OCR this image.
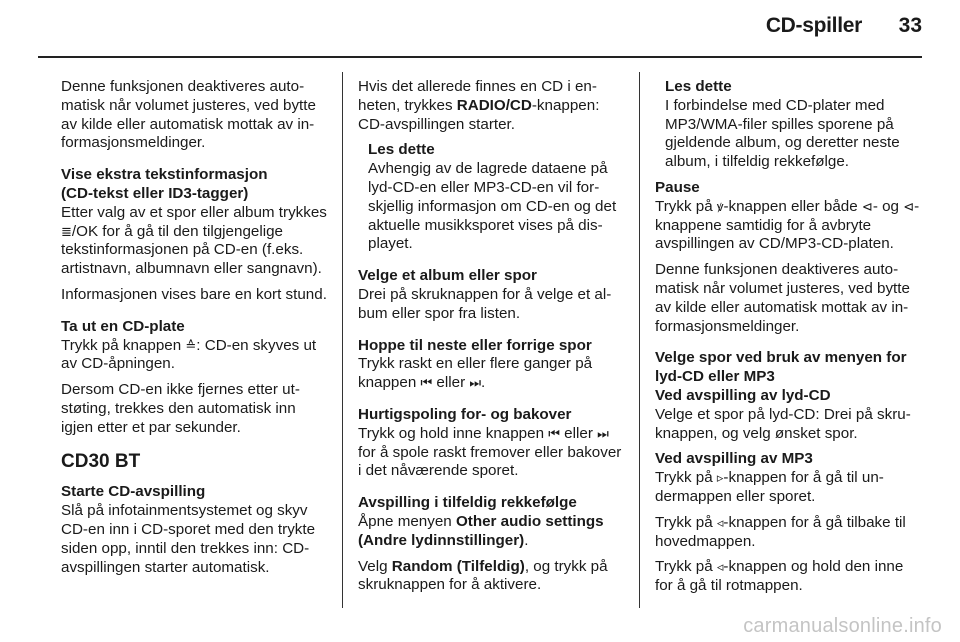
CD-spiller	33

Denne funksjonen deaktiveres automatisk når volumet justeres, ved bytte av kilde eller automatisk mottak av informasjonsmeldinger.

Vise ekstra tekstinformasjon
(CD-tekst eller ID3-tagger)

Etter valg av et spor eller album trykkes ≣/OK for å gå til den tilgjengelige tekstinformasjonen på CD-en (f.eks. artistnavn, albumnavn eller sangnavn).

Informasjonen vises bare en kort stund.

Ta ut en CD-plate

Trykk på knappen ≙: CD-en skyves ut av CD-åpningen.

Dersom CD-en ikke fjernes etter utstøting, trekkes den automatisk inn igjen etter et par sekunder.

CD30 BT

Starte CD-avspilling

Slå på infotainmentsystemet og skyv CD-en inn i CD-sporet med den trykte siden opp, inntil den trekkes inn: CD-avspillingen starter automatisk.

Hvis det allerede finnes en CD i enheten, trykkes RADIO/CD-knappen: CD-avspillingen starter.

Les dette
Avhengig av de lagrede dataene på lyd-CD-en eller MP3-CD-en vil forskjellig informasjon om CD-en og det aktuelle musikksporet vises på displayet.

Velge et album eller spor

Drei på skruknappen for å velge et album eller spor fra listen.

Hoppe til neste eller forrige spor

Trykk raskt en eller flere ganger på knappen ⏮ eller ⏭.

Hurtigspoling for- og bakover

Trykk og hold inne knappen ⏮ eller ⏭ for å spole raskt fremover eller bakover i det nåværende sporet.

Avspilling i tilfeldig rekkefølge

Åpne menyen Other audio settings (Andre lydinnstillinger).

Velg Random (Tilfeldig), og trykk på skruknappen for å aktivere.

Les dette
I forbindelse med CD-plater med MP3/WMA-filer spilles sporene på gjeldende album, og deretter neste album, i tilfeldig rekkefølge.

Pause

Trykk på ꝟ-knappen eller både ⊲- og ⊲-knappene samtidig for å avbryte avspillingen av CD/MP3-CD-platen.

Denne funksjonen deaktiveres automatisk når volumet justeres, ved bytte av kilde eller automatisk mottak av informasjonsmeldinger.

Velge spor ved bruk av menyen for
lyd-CD eller MP3

Ved avspilling av lyd-CD

Velge et spor på lyd-CD: Drei på skruknappen, og velg ønsket spor.

Ved avspilling av MP3

Trykk på ▹-knappen for å gå til undermappen eller sporet.

Trykk på ◃-knappen for å gå tilbake til hovedmappen.

Trykk på ◃-knappen og hold den inne for å gå til rotmappen.

carmanualsonline.info
